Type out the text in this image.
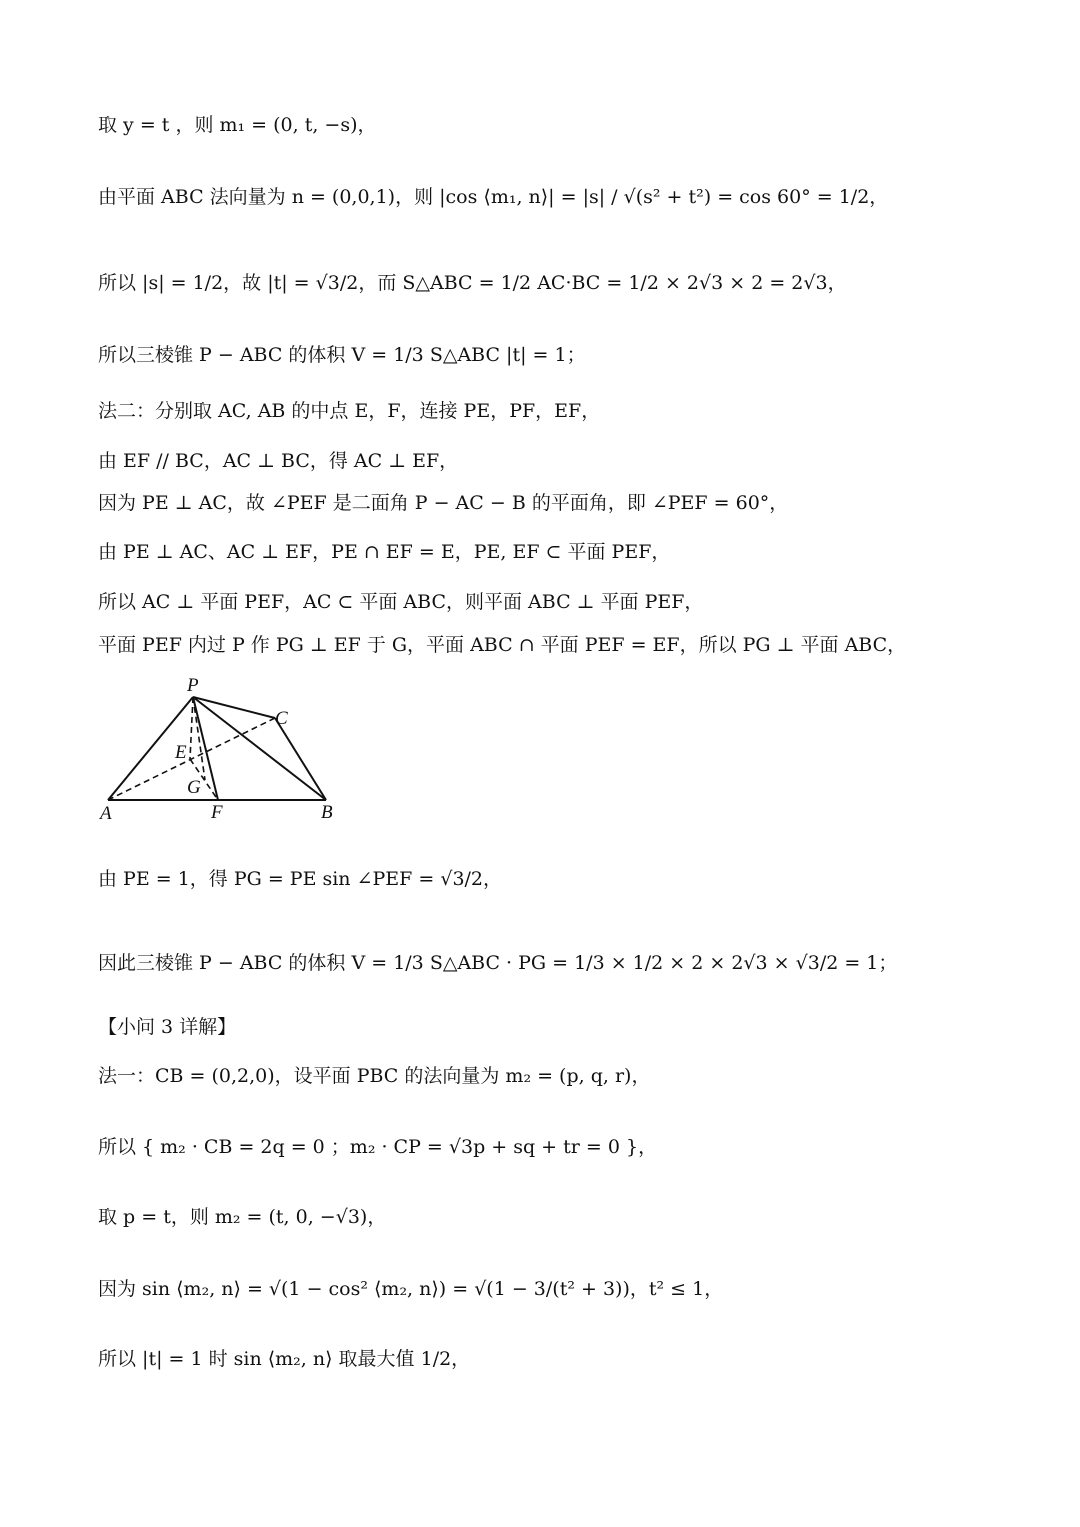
取 y = t ，则 m₁ = (0, t, −s)，
由平面 ABC 法向量为 n = (0,0,1)，则 |cos ⟨m₁, n⟩| = |s| / √(s² + t²) = cos 60° = 1/2，
所以 |s| = 1/2，故 |t| = √3/2，而 S△ABC = 1/2 AC·BC = 1/2 × 2√3 × 2 = 2√3，
所以三棱锥 P − ABC 的体积 V = 1/3 S△ABC |t| = 1；
法二：分别取 AC, AB 的中点 E，F，连接 PE，PF，EF，
由 EF // BC，AC ⊥ BC，得 AC ⊥ EF，
因为 PE ⊥ AC，故 ∠PEF 是二面角 P − AC − B 的平面角，即 ∠PEF = 60°，
由 PE ⊥ AC、AC ⊥ EF，PE ∩ EF = E，PE, EF ⊂ 平面 PEF，
所以 AC ⊥ 平面 PEF，AC ⊂ 平面 ABC，则平面 ABC ⊥ 平面 PEF，
平面 PEF 内过 P 作 PG ⊥ EF 于 G，平面 ABC ∩ 平面 PEF = EF，所以 PG ⊥ 平面 ABC，
P
C
E
G
A	F	B
由 PE = 1，得 PG = PE sin ∠PEF = √3/2，
因此三棱锥 P − ABC 的体积 V = 1/3 S△ABC · PG = 1/3 × 1/2 × 2 × 2√3 × √3/2 = 1；
【小问 3 详解】
法一：CB = (0,2,0)，设平面 PBC 的法向量为 m₂ = (p, q, r)，
所以 { m₂ · CB = 2q = 0 ；m₂ · CP = √3p + sq + tr = 0 }，
取 p = t，则 m₂ = (t, 0, −√3)，
因为 sin ⟨m₂, n⟩ = √(1 − cos² ⟨m₂, n⟩) = √(1 − 3/(t² + 3))，t² ≤ 1，
所以 |t| = 1 时 sin ⟨m₂, n⟩ 取最大值 1/2，
